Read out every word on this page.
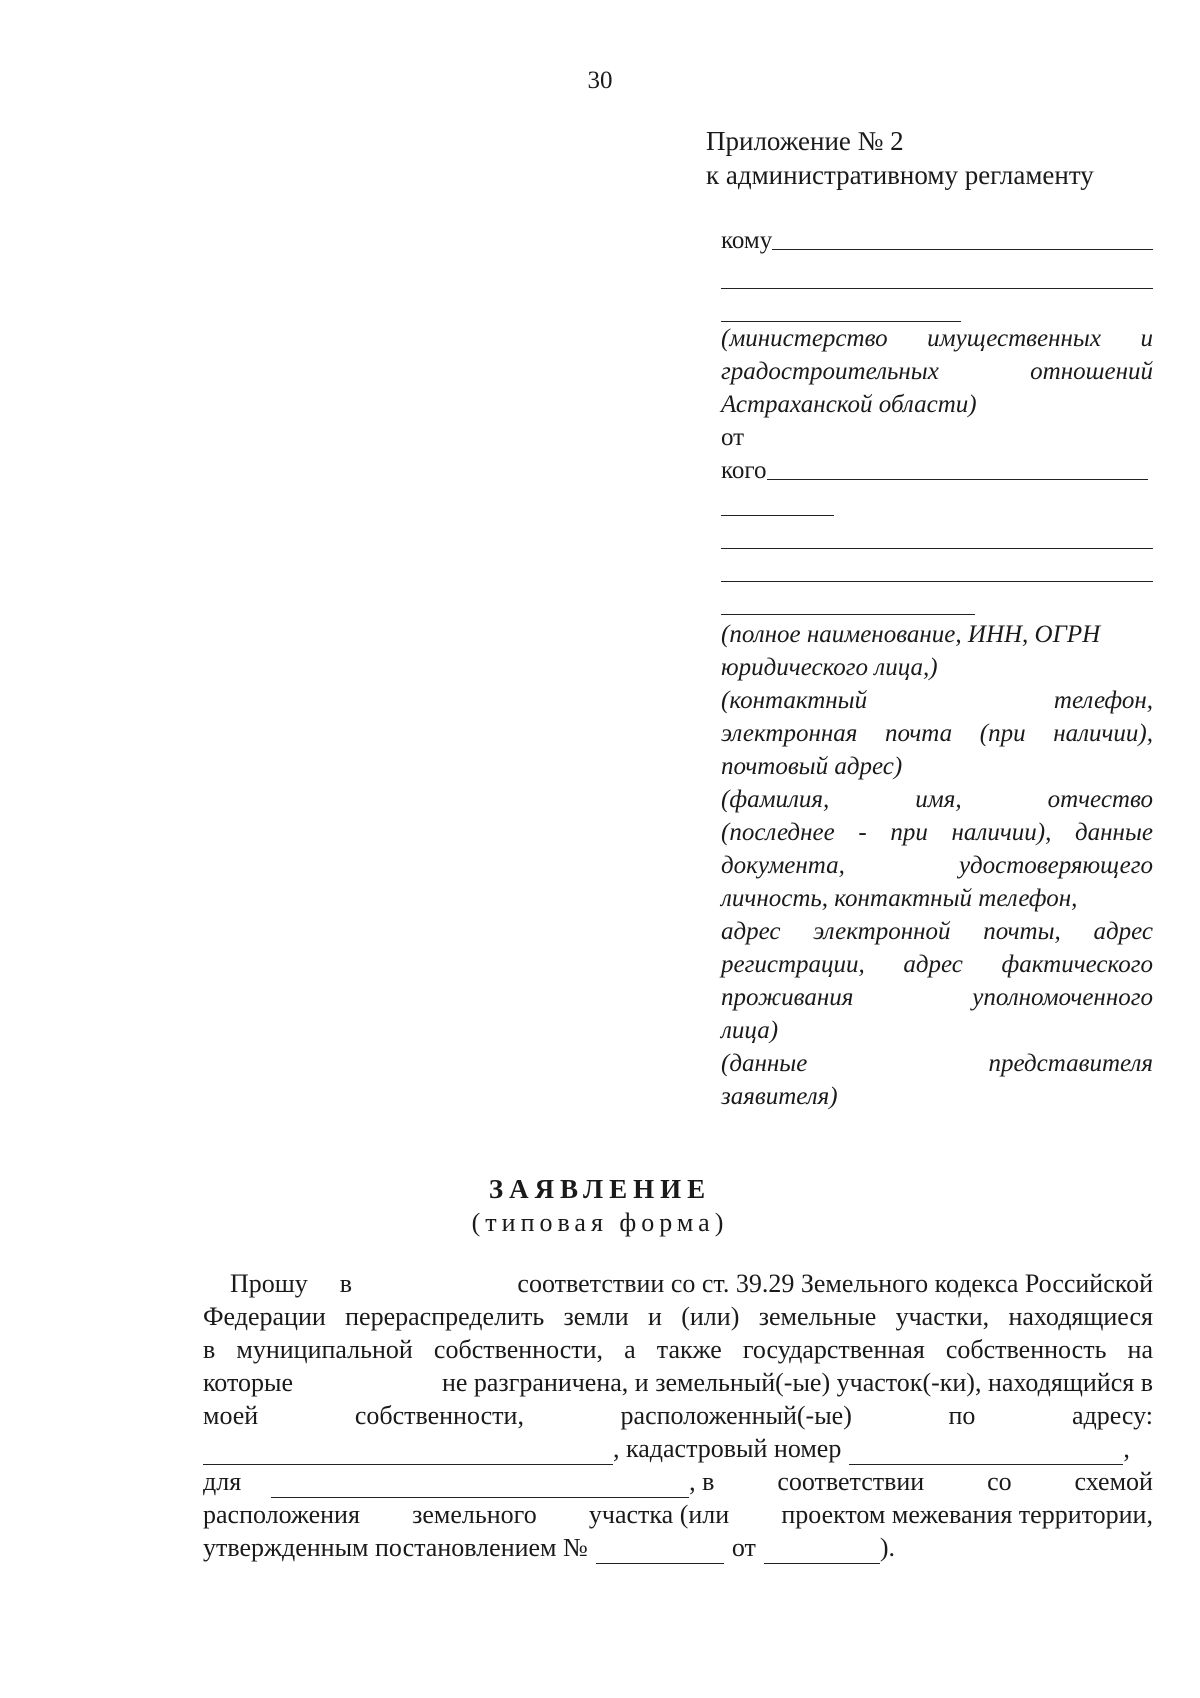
30
Приложение № 2
к административному регламенту
кому
(министерство имущественных и
градостроительных отношений
Астраханской области)
от
кого
(полное наименование, ИНН, ОГРН
юридического лица,)
(контактный телефон,
электронная почта (при наличии),
почтовый адрес)
(фамилия, имя, отчество
(последнее - при наличии), данные
документа, удостоверяющего
личность, контактный телефон,
адрес электронной почты, адрес
регистрации, адрес фактического
проживания уполномоченного
лица)
(данные представителя
заявителя)
ЗАЯВЛЕНИЕ
(типовая форма)
Прошу в	соответствии со ст. 39.29 Земельного кодекса Российской
Федерации перераспределить земли и (или) земельные участки, находящиеся
в муниципальной собственности, а также государственная собственность на
которые	не разграничена, и земельный(-ые) участок(-ки), находящийся в
моей	собственности,	расположенный(-ые)	по	адресу:
, кадастровый номер	,
для	, в соответствии со схемой
расположения земельного участка (или проектом межевания территории,
утвержденным постановлением №	от	).
